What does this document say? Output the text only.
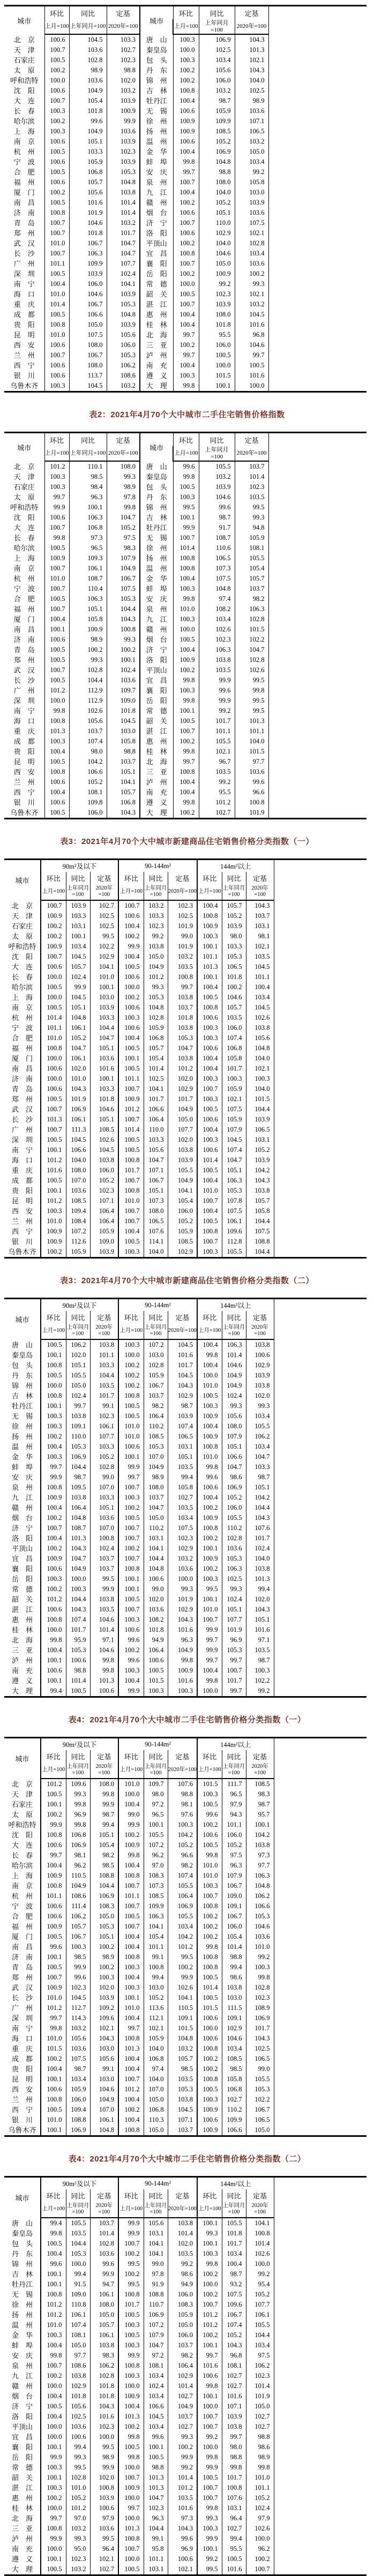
城市	环比	同比	定基	城市	环比	同比	定基	
	上月=100	上年同月=100	2020年=100		上月=100	上年同月=100	2020年=100	
北　京	100.6	104.5	103.3	唐　山	100.3	106.9	104.3	
天　津	100.7	103.6	102.7	秦皇岛	100.0	102.5	101.3	
石家庄	100.5	102.8	102.3	包　头	100.3	103.4	102.1	
太　原	100.2	98.9	98.8	丹　东	100.2	105.6	104.3	
呼和浩特	100.0	103.6	102.0	锦　州	100.2	106.0	104.0	
沈　阳	100.6	104.9	103.2	吉　林	100.8	103.2	102.5	
大　连	100.7	105.4	103.9	牡丹江	100.4	98.7	98.9	
长　春	100.3	101.8	100.9	无　锡	100.6	105.9	103.6	
哈尔滨	100.2	99.6	99.9	徐　州	100.9	109.9	107.1	
上　海	100.3	104.9	103.6	扬　州	100.9	108.5	106.5	
南　京	100.6	105.1	103.9	温　州	100.6	105.2	103.2	
杭　州	100.5	103.3	102.3	金　华	100.4	106.9	105.0	
宁　波	100.6	105.9	103.9	蚌　埠	99.8	104.8	103.4	
合　肥	100.5	106.8	105.3	安　庆	99.7	98.8	99.2	
福　州	100.6	105.7	104.8	泉　州	100.7	108.0	105.8	
厦　门	100.2	105.6	103.8	九　江	100.4	104.0	103.0	
南　昌	100.5	101.6	101.4	赣　州	100.2	105.2	103.9	
济　南	100.8	101.9	101.4	烟　台	100.6	105.1	103.6	
青　岛	100.7	104.6	103.2	济　宁	100.7	110.0	107.5	
郑　州	100.7	101.8	101.7	洛　阳	100.6	102.9	102.1	
武　汉	101.0	106.7	104.7	平顶山	100.2	104.0	102.8	
长　沙	100.7	106.3	104.7	宜　昌	100.8	104.6	103.4	
广　州	101.1	109.9	107.7	襄　阳	100.7	105.0	103.6	
深　圳	100.5	103.9	102.4	岳　阳	100.2	100.9	100.2	
南　宁	100.4	106.0	104.1	常　德	100.0	99.2	99.3	
海　口	101.0	104.6	103.9	韶　关	100.5	102.3	102.1	
重　庆	101.4	106.7	105.3	湛　江	100.7	103.9	103.2	
成　都	100.5	106.6	104.8	惠　州	100.4	108.0	104.5	
贵　阳	100.8	105.0	103.9	桂　林	100.4	101.8	101.6	
昆　明	101.0	107.5	105.6	北　海	99.7	95.5	96.8	
西　安	100.6	108.0	106.0	三　亚	100.2	106.0	104.6	
兰　州	100.7	106.7	105.3	泸　州	99.7	100.5	99.7	
西　宁	100.6	108.0	106.2	南　充	100.4	100.0	100.5	
银　川	100.6	113.7	108.6	遵　义	100.3	101.5	101.6	
乌鲁木齐	100.3	104.5	103.2	大　理	99.8	100.1	100.0	
表2：2021年4月70个大中城市二手住宅销售价格指数
城市	环比	同比	定基	城市	环比	同比	定基	
	上月=100	上年同月=100	2020年=100		上月=100	上年同月=100	2020年=100	
北　京	101.2	110.1	108.0	唐　山	99.6	105.5	103.7	
天　津	100.3	98.5	99.3	秦皇岛	99.8	103.2	101.4	
石家庄	100.3	98.4	98.9	包　头	100.5	103.9	102.3	
太　原	99.7	96.3	97.8	丹　东	100.3	104.6	103.5	
呼和浩特	99.9	100.1	99.8	锦　州	99.5	99.6	99.5	
沈　阳	100.6	106.3	104.7	吉　林	100.1	98.7	99.3	
大　连	100.7	106.8	105.2	牡丹江	99.9	91.7	94.8	
长　春	99.8	97.3	97.5	无　锡	100.7	108.7	105.9	
哈尔滨	100.5	96.5	98.3	徐　州	101.4	110.6	108.1	
上　海	100.9	109.3	107.9	扬　州	100.8	106.5	105.5	
南　京	100.7	106.1	104.9	温　州	100.8	107.3	105.4	
杭　州	101.0	108.7	106.7	金　华	100.4	107.5	105.7	
宁　波	100.7	110.4	107.5	蚌　埠	100.3	104.8	103.7	
合　肥	100.5	106.3	105.3	安　庆	99.8	97.4	98.2	
福　州	100.7	105.1	104.4	泉　州	101.0	108.2	106.3	
厦　门	100.4	105.8	104.3	九　江	100.3	103.4	102.8	
南　昌	100.1	100.9	100.8	赣　州	100.0	102.6	101.5	
济　南	100.6	98.9	99.3	烟　台	100.5	102.3	102.2	
青　岛	100.5	100.2	100.2	济　宁	100.4	106.3	104.7	
郑　州	100.5	99.3	100.1	洛　阳	100.9	103.8	102.8	
武　汉	100.7	102.8	102.4	平顶山	100.2	103.5	102.6	
长　沙	100.5	104.4	103.6	宜　昌	99.8	99.9	99.5	
广　州	101.2	112.9	109.7	襄　阳	100.3	99.6	99.8	
深　圳	100.0	112.9	109.0	岳　阳	99.8	99.9	99.5	
南　宁	99.8	102.6	101.8	常　德	100.1	99.2	99.5	
海　口	100.8	105.6	104.5	韶　关	100.5	101.7	101.3	
重　庆	101.3	103.7	103.0	湛　江	100.7	101.1	101.1	
成　都	100.3	107.4	105.8	惠　州	100.2	105.5	104.0	
贵　阳	100.4	98.0	98.8	桂　林	99.8	102.1	101.5	
昆　明	100.5	104.2	103.7	北　海	99.7	96.7	97.7	
西　安	100.8	106.6	105.1	三　亚	100.8	103.5	103.6	
兰　州	100.6	105.2	104.1	泸　州	100.4	99.2	99.6	
西　宁	100.4	108.1	105.7	南　充	100.4	95.5	96.6	
银　川	100.6	109.8	106.8	遵　义	99.8	101.2	100.8	
乌鲁木齐	100.5	106.0	104.3	大　理	100.2	102.7	101.9	
表3：2021年4月70个大中城市新建商品住宅销售价格分类指数（一）
城市	90m²及以下			90-144m²			144m²以上			
	环比	同比	定基	环比	同比	定基	环比	同比	定基	
	上月=100	上年同月=100	2020年=100	上月=100	上年同月=100	2020年=100	上月=100	上年同月=100	2020年=100	
北　京	100.7	103.9	102.7	100.7	103.2	102.3	100.4	105.7	104.3	
天　津	100.9	103.3	102.5	100.6	103.3	102.5	100.8	105.2	103.7	
石家庄	100.2	103.1	102.5	100.4	102.3	101.9	100.9	103.9	103.1	
太　原	100.2	100.1	99.5	100.2	99.2	99.0	100.3	98.0	98.1	
呼和浩特	100.9	103.4	102.2	99.9	103.8	101.9	100.1	103.3	102.1	
沈　阳	100.7	104.5	102.9	100.4	105.0	103.2	101.1	105.3	103.5	
大　连	100.6	105.7	104.1	100.5	104.9	103.5	101.3	106.5	104.5	
长　春	100.0	102.4	101.0	100.6	101.2	100.8	100.1	101.8	101.1	
哈尔滨	100.5	99.9	100.1	100.0	99.3	99.7	100.4	100.2	100.4	
上　海	100.0	104.5	103.0	100.2	105.3	103.8	100.5	104.6	103.4	
南　京	100.5	105.1	103.9	100.6	104.8	103.7	100.8	105.7	104.5	
杭　州	101.4	104.8	103.3	100.3	102.8	101.8	100.6	103.5	102.6	
宁　波	101.1	106.1	104.4	100.6	105.9	103.8	100.3	106.0	103.8	
合　肥	101.0	105.2	104.7	100.4	106.8	105.3	100.3	107.4	105.6	
福　州	100.8	104.7	105.1	100.5	105.7	104.7	100.6	106.8	104.8	
厦　门	100.0	106.1	103.6	100.1	105.4	103.8	100.4	105.8	104.0	
南　昌	100.6	102.0	101.6	100.5	101.4	101.2	100.4	101.7	102.1	
济　南	100.0	101.0	100.1	101.1	102.5	102.0	100.3	100.3	100.3	
青　岛	100.6	104.3	103.3	100.7	104.1	102.9	100.7	105.9	104.0	
郑　州	100.5	101.9	101.8	100.9	101.7	101.7	100.3	102.1	101.5	
武　汉	100.7	106.9	104.6	101.2	106.6	104.9	100.5	107.5	104.4	
长　沙	101.3	106.1	105.1	100.7	106.4	105.0	100.6	105.9	103.9	
广　州	100.7	111.3	108.5	101.4	110.0	107.7	100.4	107.9	106.5	
深　圳	100.5	104.5	102.6	100.5	103.3	102.0	100.3	104.5	103.1	
南　宁	100.1	106.6	104.5	100.5	105.6	103.8	100.6	107.4	105.2	
海　口	101.2	104.0	103.8	100.8	104.7	103.9	101.4	104.7	103.9	
重　庆	101.6	108.0	106.0	101.7	107.1	105.5	100.5	105.1	104.2	
成　都	100.5	107.0	105.2	100.7	106.7	104.9	100.4	106.3	104.3	
贵　阳	100.1	103.6	102.3	100.8	105.1	104.1	101.0	105.3	103.8	
昆　明	101.2	108.5	107.1	101.0	107.3	105.4	100.7	107.8	105.7	
西　安	100.3	109.4	106.4	100.7	108.0	106.0	100.4	107.5	105.8	
兰　州	101.0	108.4	106.4	100.7	106.5	105.2	100.5	106.1	104.4	
西　宁	100.9	107.2	105.9	100.4	107.6	105.9	100.8	109.6	107.5	
银　川	100.9	112.6	109.0	100.5	114.1	108.5	100.7	112.8	108.8	
乌鲁木齐	100.2	105.9	103.9	100.3	104.0	102.9	100.3	105.5	104.4	
表3：2021年4月70个大中城市新建商品住宅销售价格分类指数（二）
城市	90m²及以下			90-144m²			144m²以上			
	环比	同比	定基	环比	同比	定基	环比	同比	定基	
	上月=100	上年同月=100	2020年=100	上月=100	上年同月=100	2020年=100	上月=100	上年同月=100	2020年=100	
唐　山	100.5	106.2	103.8	100.3	107.2	104.5	100.4	106.3	103.8	
秦皇岛	100.1	102.0	101.1	100.0	103.0	101.6	99.8	101.4	100.6	
包　头	100.8	105.1	103.3	100.2	102.8	101.7	100.4	104.6	102.9	
丹　东	100.5	105.5	104.4	100.2	105.9	104.5	100.0	104.9	103.9	
锦　州	100.0	105.0	103.5	100.2	106.7	104.3	101.0	104.9	103.8	
吉　林	100.8	102.4	101.7	100.8	103.7	102.9	100.5	102.4	102.0	
牡丹江	100.1	99.7	99.1	100.5	98.2	98.7	100.3	99.3	99.3	
无　锡	100.3	103.8	102.3	100.5	106.4	103.9	100.9	105.6	103.4	
徐　州	100.3	109.1	106.1	101.0	110.2	107.4	100.4	108.0	105.5	
扬　州	100.2	110.0	107.7	101.0	108.5	106.5	100.9	107.9	106.2	
温　州	100.4	105.3	103.3	100.6	105.3	103.1	100.8	105.1	103.4	
金　华	100.3	106.9	105.2	100.1	107.0	105.1	101.0	106.6	104.7	
蚌　埠	99.7	104.4	102.8	99.9	104.9	103.5	99.8	104.7	103.3	
安　庆	99.9	98.7	99.0	99.7	98.9	99.4	99.6	98.6	98.7	
泉　州	100.8	109.5	107.0	100.7	108.0	105.8	100.6	106.9	105.1	
九　江	100.9	103.8	103.3	100.3	103.7	102.7	100.4	105.2	104.2	
赣　州	100.4	106.4	105.1	100.2	104.7	103.5	100.2	106.0	104.4	
烟　台	100.2	104.8	103.6	100.5	105.0	103.4	100.9	105.5	104.3	
济　宁	100.7	108.7	107.0	100.7	110.2	107.5	100.8	110.2	107.6	
洛　阳	100.4	101.3	100.8	100.7	103.1	102.3	100.2	102.8	101.7	
平顶山	100.2	104.3	102.4	100.2	104.1	102.9	100.1	103.6	102.4	
宜　昌	100.9	104.7	103.7	100.7	104.4	103.2	100.9	105.3	104.0	
襄　阳	100.6	104.9	103.7	100.8	104.8	103.6	100.2	106.3	103.8	
岳　阳	100.3	100.0	99.5	100.1	100.6	100.0	100.3	102.5	101.3	
常　德	100.2	100.3	99.9	100.1	99.0	99.3	99.5	99.3	99.4	
韶　关	101.2	104.4	103.8	100.5	102.0	101.9	100.1	102.4	102.0	
湛　江	100.6	104.3	103.5	100.7	103.6	102.9	101.0	105.1	104.3	
惠　州	100.8	107.4	104.6	100.3	108.2	104.3	100.7	107.7	105.1	
桂　林	100.0	101.7	101.4	100.6	101.8	101.6	99.9	101.9	101.6	
北　海	99.8	95.9	97.1	99.6	94.9	96.3	99.7	96.9	97.1	
三　亚	100.4	105.3	104.6	100.2	106.4	104.9	99.9	105.3	103.5	
泸　州	100.1	100.6	99.8	99.6	100.6	99.8	99.7	99.7	98.7	
南　充	100.6	98.8	99.8	100.3	100.5	100.9	100.4	100.7	100.3	
遵　义	100.1	101.4	101.3	100.4	101.5	101.6	99.8	101.7	102.2	
大　理	99.4	100.5	100.6	99.9	100.3	100.3	100.0	99.7	99.2	
表4：2021年4月70个大中城市二手住宅销售价格分类指数（一）
城市	90m²及以下			90-144m²			144m²以上			
	环比	同比	定基	环比	同比	定基	环比	同比	定基	
	上月=100	上年同月=100	2020年=100	上月=100	上年同月=100	2020年=100	上月=100	上年同月=100	2020年=100	
北　京	101.2	109.6	108.0	101.0	109.7	107.6	101.5	111.7	108.5	
天　津	100.5	99.3	99.8	100.0	98.0	98.8	100.3	96.5	98.3	
石家庄	100.1	99.8	99.9	100.4	97.2	98.1	100.5	97.9	98.7	
太　原	100.2	96.9	98.7	99.0	96.5	97.6	99.6	94.3	95.7	
呼和浩特	99.9	99.8	99.4	99.9	100.1	100.3	100.2	101.1	100.1	
沈　阳	100.8	106.8	105.1	100.2	105.5	104.2	100.6	106.0	104.2	
大　连	100.6	106.9	105.4	100.9	107.2	105.2	100.5	105.2	103.8	
长　春	99.7	98.1	98.2	99.8	96.2	96.6	99.8	97.5	97.3	
哈尔滨	100.4	96.2	98.5	100.4	97.0	98.2	101.0	96.3	97.7	
上　海	100.9	110.5	108.8	100.8	108.3	107.4	101.0	107.9	106.3	
南　京	100.8	104.9	104.4	100.7	107.3	105.5	100.3	106.7	104.8	
杭　州	101.1	108.6	106.9	101.1	108.5	106.4	100.7	109.0	106.2	
宁　波	100.6	111.4	108.3	100.7	109.9	106.9	100.8	109.1	106.6	
合　肥	100.6	106.2	105.0	100.5	106.3	105.5	100.2	106.7	105.3	
福　州	100.9	105.7	105.3	100.7	104.1	103.4	100.2	106.0	104.6	
厦　门	100.5	106.7	105.1	100.4	105.4	104.2	100.2	105.4	103.6	
南　昌	99.6	100.3	100.2	100.4	101.1	101.2	99.8	101.4	101.0	
济　南	100.1	98.5	98.9	100.8	99.1	99.5	100.8	98.8	99.2	
青　岛	100.5	99.9	100.2	100.3	100.8	100.2	100.8	99.4	100.3	
郑　州	100.7	99.6	100.3	100.4	99.4	99.9	100.5	98.6	99.8	
武　汉	100.9	102.3	102.0	100.3	103.0	102.6	101.4	103.8	102.8	
长　沙	101.0	104.5	103.9	100.1	105.2	104.1	100.5	103.0	102.3	
广　州	101.2	112.7	109.2	101.0	113.6	110.5	101.5	111.5	108.9	
深　圳	99.7	114.3	109.6	100.4	112.1	109.1	100.6	109.1	106.9	
南　宁	99.8	103.2	102.1	99.7	102.1	101.5	100.0	102.9	101.7	
海　口	101.0	105.6	104.3	100.8	105.9	104.8	100.6	104.6	104.3	
重　庆	101.5	103.6	103.0	101.3	104.0	103.2	100.8	103.4	102.5	
成　都	100.2	107.5	105.6	100.4	106.8	105.7	100.2	108.5	106.5	
贵　阳	100.4	98.7	99.1	100.4	97.4	98.5	100.2	98.5	99.0	
昆　明	100.1	103.4	103.0	100.7	104.0	103.5	100.8	105.8	105.5	
西　安	100.6	105.9	104.6	101.2	107.0	105.3	100.5	106.8	105.3	
兰　州	100.8	106.0	104.9	100.4	105.0	103.8	100.3	102.7	102.2	
西　宁	100.5	109.4	107.0	100.2	106.8	104.5	100.9	110.2	106.7	
银　川	101.0	108.8	106.1	100.4	110.3	107.1	100.6	109.9	106.5	
乌鲁木齐	100.1	106.9	104.8	100.8	105.0	103.7	100.9	106.6	105.0	
表4：2021年4月70个大中城市二手住宅销售价格分类指数（二）
城市	90m²及以下			90-144m²			144m²以上			
	环比	同比	定基	环比	同比	定基	环比	同比	定基	
	上月=100	上年同月=100	2020年=100	上月=100	上年同月=100	2020年=100	上月=100	上年同月=100	2020年=100	
唐　山	99.4	105.5	103.7	99.9	105.6	103.8	100.1	105.5	104.1	
秦皇岛	99.8	103.5	101.4	99.9	103.1	101.4	99.3	101.8	100.8	
包　头	100.5	104.4	102.8	100.7	104.1	102.0	100.1	101.7	101.4	
丹　东	100.4	105.3	103.6	100.2	104.1	103.5	100.3	103.4	102.6	
锦　州	99.6	100.0	99.6	99.5	99.0	99.2	99.8	100.4	100.0	
吉　林	100.1	99.4	99.9	100.2	97.8	98.6	100.2	98.7	99.2	
牡丹江	100.1	91.5	94.7	99.5	91.9	94.9	100.0	93.2	95.4	
无　锡	100.8	109.0	106.1	100.8	108.8	106.0	100.2	107.5	105.2	
徐　州	101.2	110.8	108.0	101.7	110.7	108.3	100.7	109.6	107.7	
扬　州	101.2	106.1	105.0	100.5	106.9	105.9	101.2	106.7	106.1	
温　州	101.0	107.4	105.7	100.3	107.2	105.0	101.2	107.4	105.5	
金　华	100.3	108.1	106.1	100.5	107.9	106.0	100.2	105.2	104.4	
蚌　埠	100.4	105.0	103.8	100.3	104.7	103.7	100.1	104.3	103.4	
安　庆	99.8	97.7	98.3	99.9	97.2	98.2	99.7	96.8	97.5	
泉　州	100.7	108.6	106.2	100.8	108.1	106.4	101.6	108.1	106.2	
九　江	100.2	103.8	102.8	100.3	103.4	102.9	100.6	102.7	102.3	
赣　州	100.0	102.9	101.8	100.0	102.4	101.4	99.8	102.7	101.4	
烟　台	100.4	101.8	101.8	100.9	103.4	102.7	100.1	101.6	101.9	
济　宁	100.5	105.6	104.3	100.4	106.6	104.9	100.0	107.1	105.0	
洛　阳	100.4	102.5	101.6	101.3	104.5	103.7	100.7	103.9	102.7	
平顶山	100.0	103.6	102.3	100.2	103.4	102.7	100.7	103.8	102.7	
宜　昌	100.0	100.6	100.0	99.8	99.6	99.3	99.2	99.7	98.8	
襄　阳	100.1	99.4	99.5	100.5	100.1	100.2	100.0	98.0	98.6	
岳　阳	99.9	99.3	98.9	99.8	100.5	99.9	99.8	98.8	98.9	
常　德	100.3	99.5	99.9	100.0	98.8	99.2	99.9	99.8	99.8	
韶　关	100.1	102.8	102.0	100.7	101.3	101.4	100.5	101.7	101.0	
湛　江	100.3	101.0	100.8	100.9	101.3	101.2	100.7	100.8	101.1	
惠　州	100.2	105.2	103.9	100.0	104.7	103.5	100.7	107.6	105.2	
桂　林	100.0	101.2	100.6	99.7	102.3	101.6	99.8	103.1	102.4	
北　海	99.7	97.0	97.9	100.0	96.3	97.3	99.3	96.4	97.9	
三　亚	100.8	103.2	103.6	101.3	104.4	104.3	100.3	102.7	102.6	
泸　州	99.9	99.3	99.5	100.8	99.1	99.6	99.9	99.4	100.0	
南　充	100.0	95.0	96.4	100.7	95.8	96.9	100.1	95.5	96.2	
遵　义	100.1	102.3	102.1	100.0	101.1	100.6	99.2	100.5	100.2	
大　理	100.5	103.2	102.7	100.5	103.1	102.1	99.5	101.6	100.7	
